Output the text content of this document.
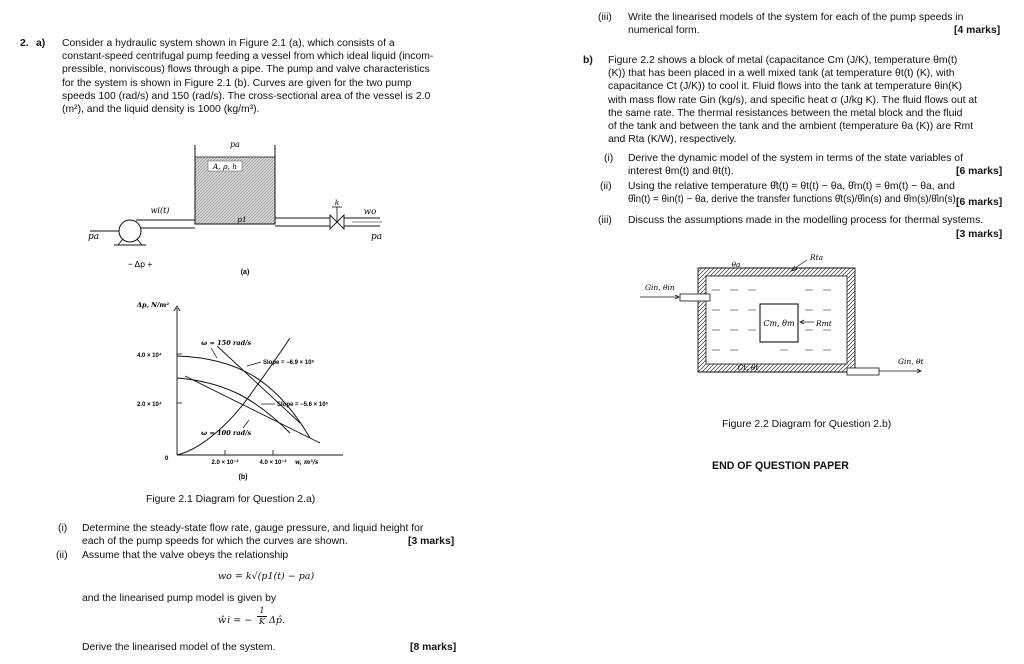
2. a) Consider a hydraulic system shown in Figure 2.1 (a), which consists of a
constant-speed centrifugal pump feeding a vessel from which ideal liquid (incom-
pressible, nonviscous) flows through a pipe. The pump and valve characteristics
for the system is shown in Figure 2.1 (b). Curves are given for the two pump
speeds 100 (rad/s) and 150 (rad/s). The cross-sectional area of the vessel is 2.0
(m²), and the liquid density is 1000 (kg/m³).
pa
A, ρ, h
p1
wi(t)
pa
− Δp +
k
wo
pa
(a)
Δp, N/m²
4.0 × 10⁴
2.0 × 10⁴
0
2.0 × 10⁻²	4.0 × 10⁻² w, m³/s
ω = 150 rad/s
Slope = −6.9 × 10⁵
Slope = −5.6 × 10⁵
ω = 100 rad/s
(b)
Figure 2.1 Diagram for Question 2.a)
(i) Determine the steady-state flow rate, gauge pressure, and liquid height for
each of the pump speeds for which the curves are shown.	[3 marks]
(ii) Assume that the valve obeys the relationship
wo = k√(p1(t) − pa)
and the linearised pump model is given by
ŵi = − $\frac{1}{K}$ Δp̂.
Derive the linearised model of the system.	[8 marks]
(iii) Write the linearised models of the system for each of the pump speeds in
numerical form.	[4 marks]
b) Figure 2.2 shows a block of metal (capacitance Cm (J/K), temperature θm(t)
(K)) that has been placed in a well mixed tank (at temperature θt(t) (K), with
capacitance Ct (J/K)) to cool it. Fluid flows into the tank at temperature θin(K)
with mass flow rate Gin (kg/s), and specific heat σ (J/kg K). The fluid flows out at
the same rate. The thermal resistances between the metal block and the fluid
of the tank and between the tank and the ambient (temperature θa (K)) are Rmt
and Rta (K/W), respectively.
(i) Derive the dynamic model of the system in terms of the state variables of
interest θm(t) and θt(t).	[6 marks]
(ii) Using the relative temperature θ̂t(t) = θt(t) − θa, θ̂m(t) = θm(t) − θa, and
θ̂in(t) = θin(t) − θa, derive the transfer functions θ̂t(s)/θ̂in(s) and θ̂m(s)/θ̂in(s).
[6 marks]
(iii) Discuss the assumptions made in the modelling process for thermal systems.
[3 marks]
Cm, θm	Rmt
Ct, θt
Gin, θin
Gin, θt
θa
Rta
Figure 2.2 Diagram for Question 2.b)
END OF QUESTION PAPER
